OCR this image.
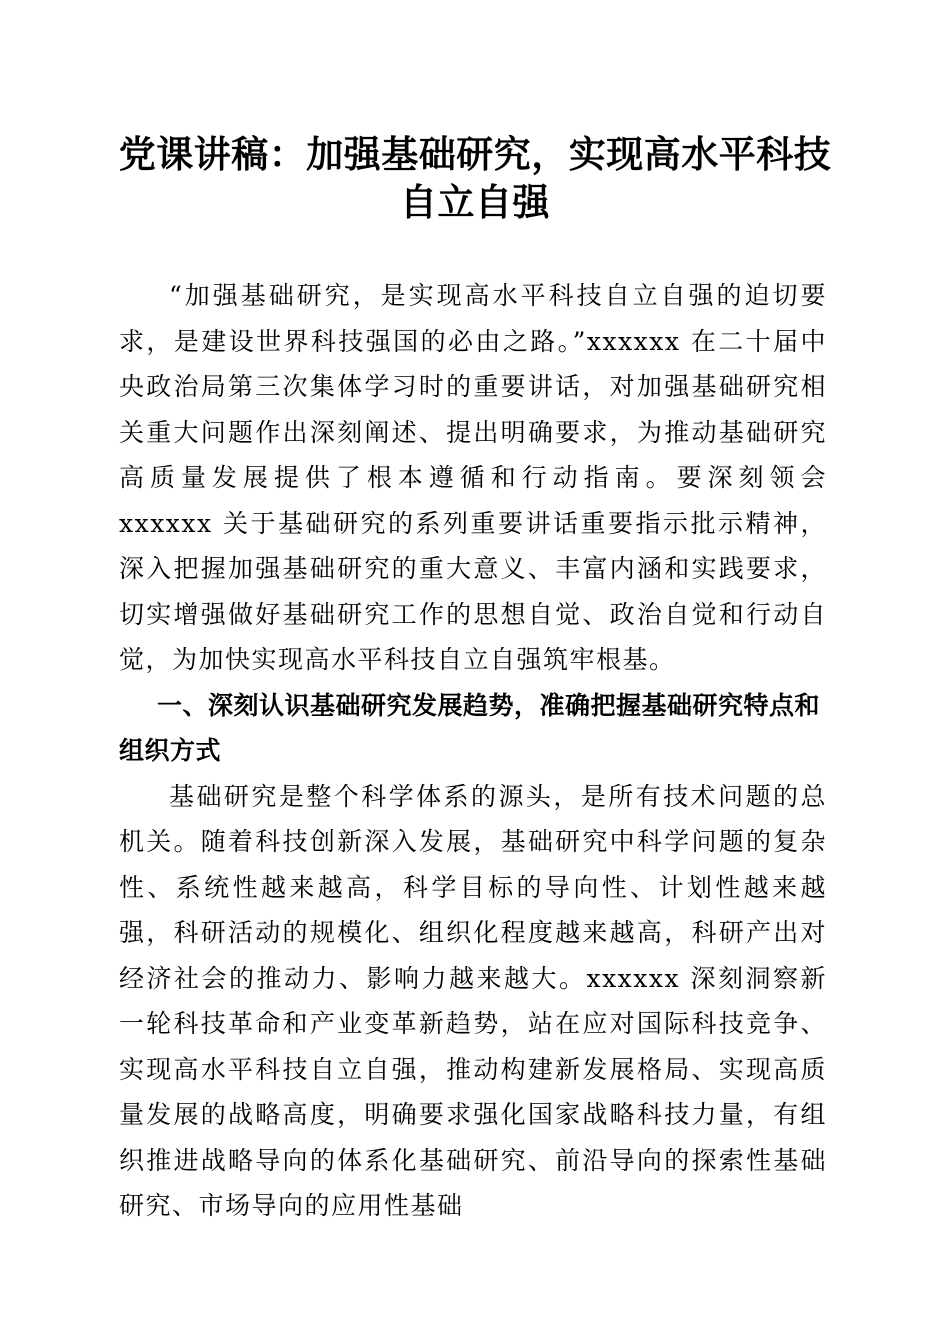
党课讲稿：加强基础研究，实现高水平科技自立自强

“加强基础研究，是实现高水平科技自立自强的迫切要求，是建设世界科技强国的必由之路。”xxxxxx 在二十届中央政治局第三次集体学习时的重要讲话，对加强基础研究相关重大问题作出深刻阐述、提出明确要求，为推动基础研究高质量发展提供了根本遵循和行动指南。要深刻领会 xxxxxx 关于基础研究的系列重要讲话重要指示批示精神，深入把握加强基础研究的重大意义、丰富内涵和实践要求，切实增强做好基础研究工作的思想自觉、政治自觉和行动自觉，为加快实现高水平科技自立自强筑牢根基。

一、深刻认识基础研究发展趋势，准确把握基础研究特点和组织方式

基础研究是整个科学体系的源头，是所有技术问题的总机关。随着科技创新深入发展，基础研究中科学问题的复杂性、系统性越来越高，科学目标的导向性、计划性越来越强，科研活动的规模化、组织化程度越来越高，科研产出对经济社会的推动力、影响力越来越大。xxxxxx 深刻洞察新一轮科技革命和产业变革新趋势，站在应对国际科技竞争、实现高水平科技自立自强，推动构建新发展格局、实现高质量发展的战略高度，明确要求强化国家战略科技力量，有组织推进战略导向的体系化基础研究、前沿导向的探索性基础研究、市场导向的应用性基础
